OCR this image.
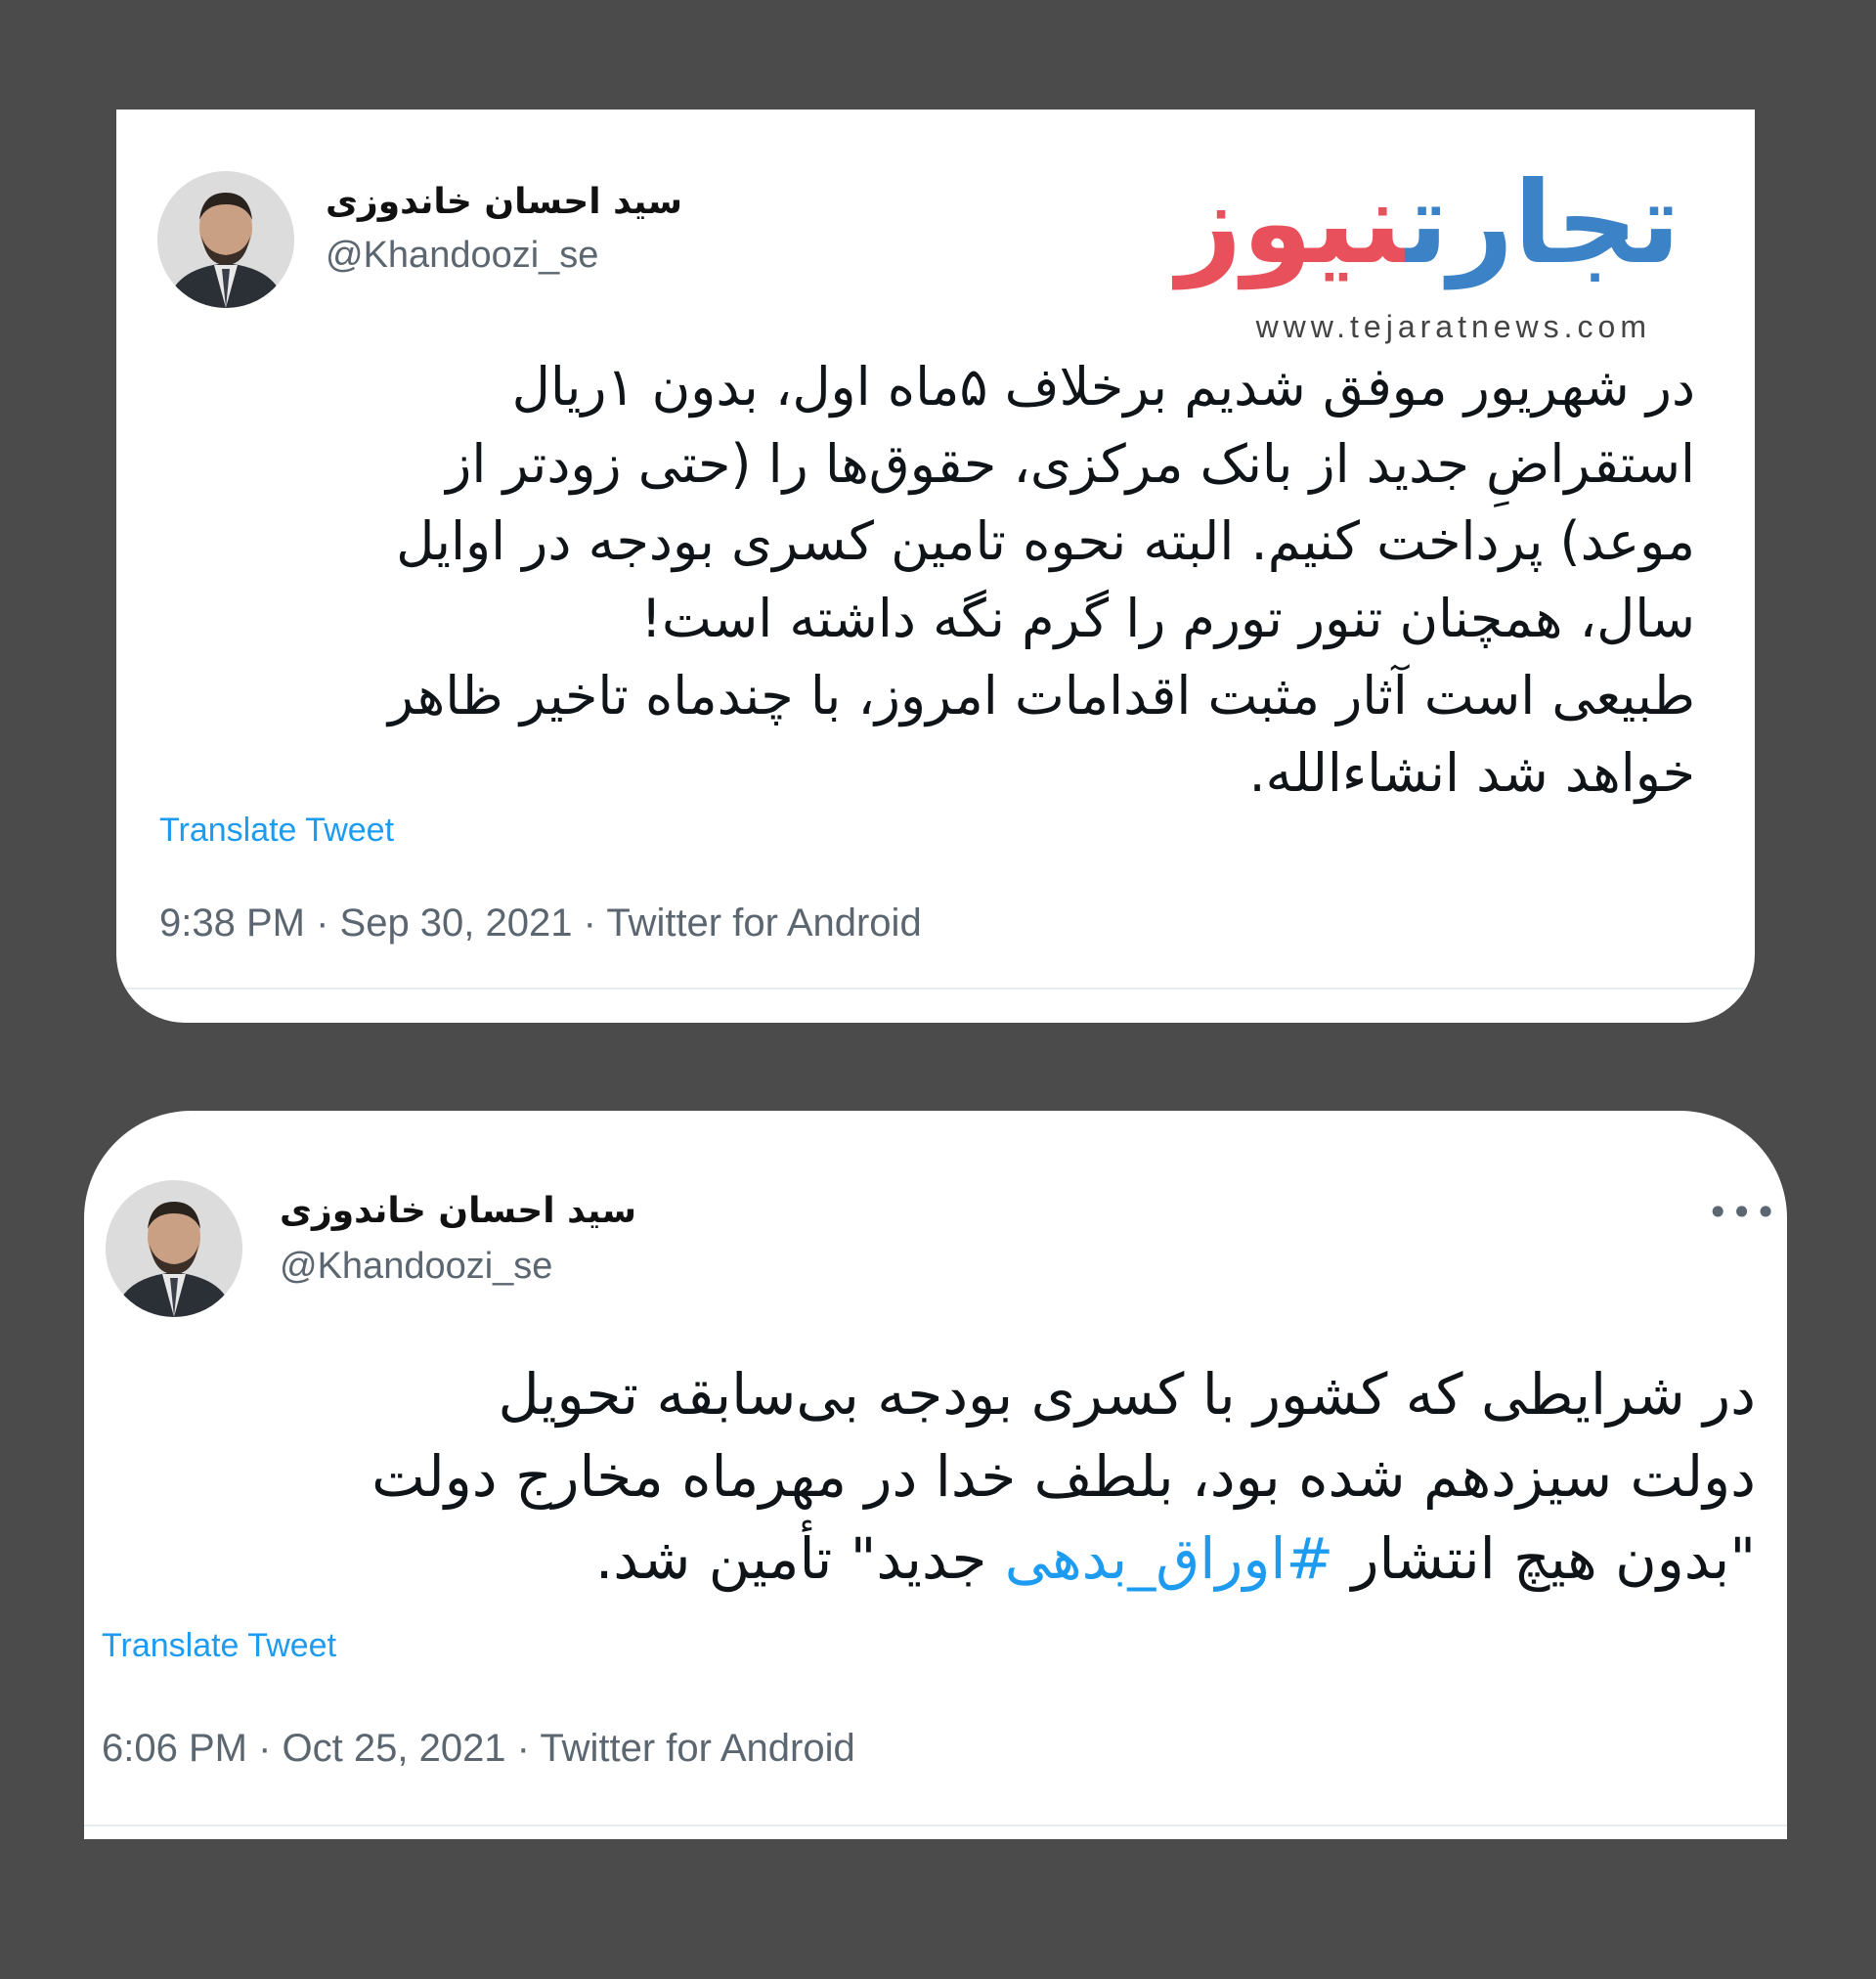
سید احسان خاندوزی
@Khandoozi_se	تجارتنیوز
www.tejaratnews.com
در شهریور موفق شدیم برخلاف ۵ماه اول، بدون ۱ریال
استقراضِ جدید از بانک مرکزی، حقوق‌ها را (حتی زودتر از
موعد) پرداخت کنیم. البته نحوه تامین کسری بودجه در اوایل
سال، همچنان تنور تورم را گرم نگه داشته است!
طبیعی است آثار مثبت اقدامات امروز، با چندماه تاخیر ظاهر
خواهد شد انشاءالله.
Translate Tweet
9:38 PM · Sep 30, 2021 · Twitter for Android
سید احسان خاندوزی
@Khandoozi_se
•••
در شرایطی که کشور با کسری بودجه بی‌سابقه تحویل
دولت سیزدهم شده بود، بلطف خدا در مهرماه مخارج دولت
"بدون هیچ انتشار #اوراق_بدهی جدید" تأمین شد.
Translate Tweet
6:06 PM · Oct 25, 2021 · Twitter for Android
